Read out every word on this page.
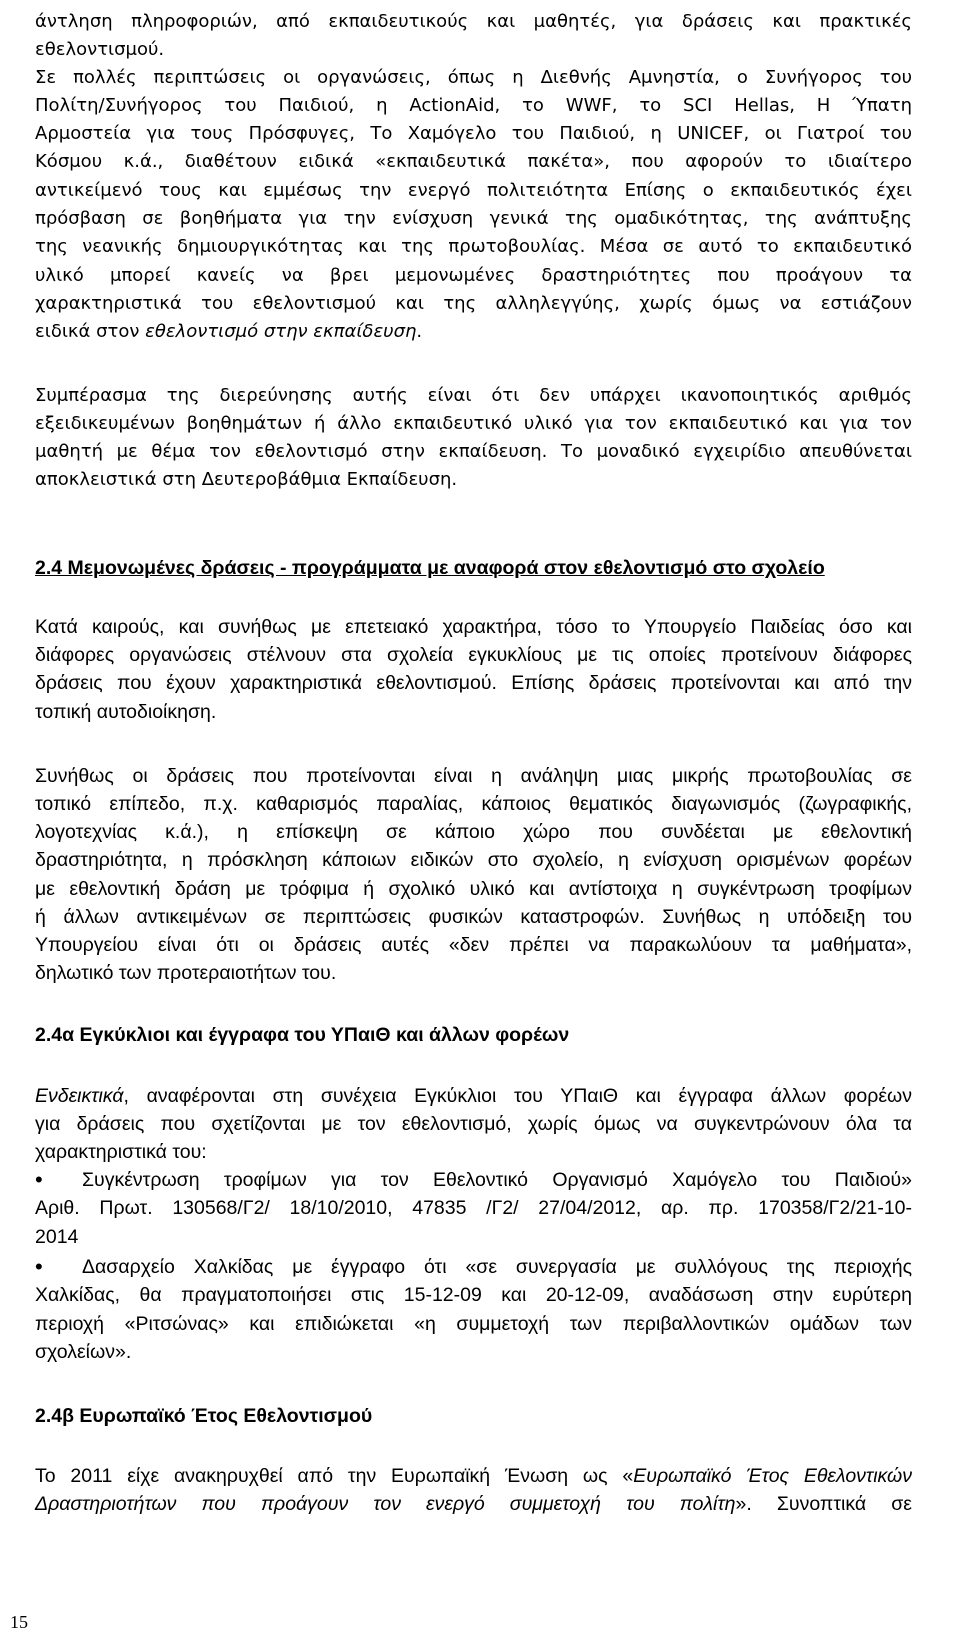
άντληση πληροφοριών, από εκπαιδευτικούς και μαθητές, για δράσεις και πρακτικές
εθελοντισμού.
Σε πολλές περιπτώσεις οι οργανώσεις, όπως η Διεθνής Αμνηστία, ο Συνήγορος του
Πολίτη/Συνήγορος του Παιδιού, η ActionAid, το WWF, το SCI Hellas, H Ύπατη
Αρμοστεία για τους Πρόσφυγες, Το Χαμόγελο του Παιδιού, η UNICEF, οι Γιατροί του
Κόσμου κ.ά., διαθέτουν ειδικά «εκπαιδευτικά πακέτα», που αφορούν το ιδιαίτερο
αντικείμενό τους και εμμέσως την ενεργό πολιτειότητα Επίσης ο εκπαιδευτικός έχει
πρόσβαση σε βοηθήματα για την ενίσχυση γενικά της ομαδικότητας, της ανάπτυξης
της νεανικής δημιουργικότητας και της πρωτοβουλίας. Μέσα σε αυτό το εκπαιδευτικό
υλικό μπορεί κανείς να βρει μεμονωμένες δραστηριότητες που προάγουν τα
χαρακτηριστικά του εθελοντισμού και της αλληλεγγύης, χωρίς όμως να εστιάζουν
ειδικά στον εθελοντισμό στην εκπαίδευση.
Συμπέρασμα της διερεύνησης αυτής είναι ότι δεν υπάρχει ικανοποιητικός αριθμός
εξειδικευμένων βοηθημάτων ή άλλο εκπαιδευτικό υλικό για τον εκπαιδευτικό και για τον
μαθητή με θέμα τον εθελοντισμό στην εκπαίδευση. Το μοναδικό εγχειρίδιο απευθύνεται
αποκλειστικά στη Δευτεροβάθμια Εκπαίδευση.
2.4 Μεμονωμένες δράσεις - προγράμματα με αναφορά στον εθελοντισμό στο σχολείο
Κατά καιρούς, και συνήθως με επετειακό χαρακτήρα, τόσο το Υπουργείο Παιδείας όσο και
διάφορες οργανώσεις στέλνουν στα σχολεία εγκυκλίους με τις οποίες προτείνουν διάφορες
δράσεις που έχουν χαρακτηριστικά εθελοντισμού. Επίσης δράσεις προτείνονται και από την
τοπική αυτοδιοίκηση.
Συνήθως οι δράσεις που προτείνονται είναι η ανάληψη μιας μικρής πρωτοβουλίας σε
τοπικό επίπεδο, π.χ. καθαρισμός παραλίας, κάποιος θεματικός διαγωνισμός (ζωγραφικής,
λογοτεχνίας κ.ά.), η επίσκεψη σε κάποιο χώρο που συνδέεται με εθελοντική
δραστηριότητα, η πρόσκληση κάποιων ειδικών στο σχολείο, η ενίσχυση ορισμένων φορέων
με εθελοντική δράση με τρόφιμα ή σχολικό υλικό και αντίστοιχα η συγκέντρωση τροφίμων
ή άλλων αντικειμένων σε περιπτώσεις φυσικών καταστροφών. Συνήθως η υπόδειξη του
Υπουργείου είναι ότι οι δράσεις αυτές «δεν πρέπει να παρακωλύουν τα μαθήματα»,
δηλωτικό των προτεραιοτήτων του.
2.4α Εγκύκλιοι και έγγραφα του ΥΠαιΘ και άλλων φορέων
Ενδεικτικά, αναφέρονται στη συνέχεια Εγκύκλιοι του ΥΠαιΘ και έγγραφα άλλων φορέων
για δράσεις που σχετίζονται με τον εθελοντισμό, χωρίς όμως να συγκεντρώνουν όλα τα
χαρακτηριστικά του:
• Συγκέντρωση τροφίμων για τον Εθελοντικό Οργανισμό Χαμόγελο του Παιδιού»
Αριθ. Πρωτ. 130568/Γ2/ 18/10/2010, 47835 /Γ2/ 27/04/2012, αρ. πρ. 170358/Γ2/21-10-
2014
• Δασαρχείο Χαλκίδας με έγγραφο ότι «σε συνεργασία με συλλόγους της περιοχής
Χαλκίδας, θα πραγματοποιήσει στις 15-12-09 και 20-12-09, αναδάσωση στην ευρύτερη
περιοχή «Ριτσώνας» και επιδιώκεται «η συμμετοχή των περιβαλλοντικών ομάδων των
σχολείων».
2.4β Ευρωπαϊκό Έτος Εθελοντισμού
Το 2011 είχε ανακηρυχθεί από την Ευρωπαϊκή Ένωση ως «Ευρωπαϊκό Έτος Εθελοντικών
Δραστηριοτήτων που προάγουν τον ενεργό συμμετοχή του πολίτη». Συνοπτικά σε
15
